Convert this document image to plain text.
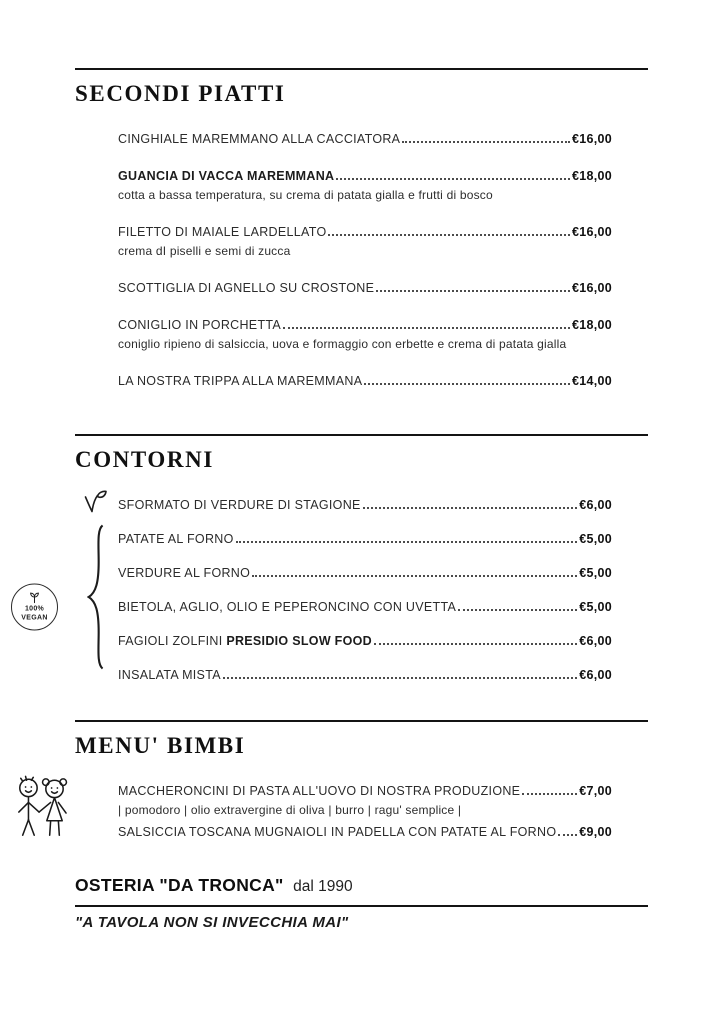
SECONDI PIATTI
CINGHIALE MAREMMANO ALLA CACCIATORA	€16,00
GUANCIA DI VACCA MAREMMANA	€18,00
cotta a bassa temperatura, su crema di patata gialla e frutti di bosco
FILETTO DI MAIALE LARDELLATO	€16,00
crema dI piselli e semi di zucca
SCOTTIGLIA DI AGNELLO SU CROSTONE	€16,00
CONIGLIO IN PORCHETTA	€18,00
coniglio ripieno di salsiccia, uova e formaggio con erbette e crema di patata gialla
LA NOSTRA TRIPPA ALLA MAREMMANA	€14,00
CONTORNI
SFORMATO DI VERDURE DI STAGIONE	€6,00
100%
VEGAN
PATATE AL FORNO	€5,00
VERDURE AL FORNO	€5,00
BIETOLA, AGLIO, OLIO E PEPERONCINO CON UVETTA	€5,00
FAGIOLI ZOLFINI PRESIDIO SLOW FOOD	€6,00
INSALATA MISTA	€6,00
MENU' BIMBI
MACCHERONCINI DI PASTA ALL'UOVO DI NOSTRA PRODUZIONE	€7,00
| pomodoro | olio extravergine di oliva | burro | ragu' semplice |
SALSICCIA TOSCANA MUGNAIOLI IN PADELLA CON PATATE AL FORNO €9,00
OSTERIA "DA TRONCA" dal 1990
"A TAVOLA NON SI INVECCHIA MAI"
